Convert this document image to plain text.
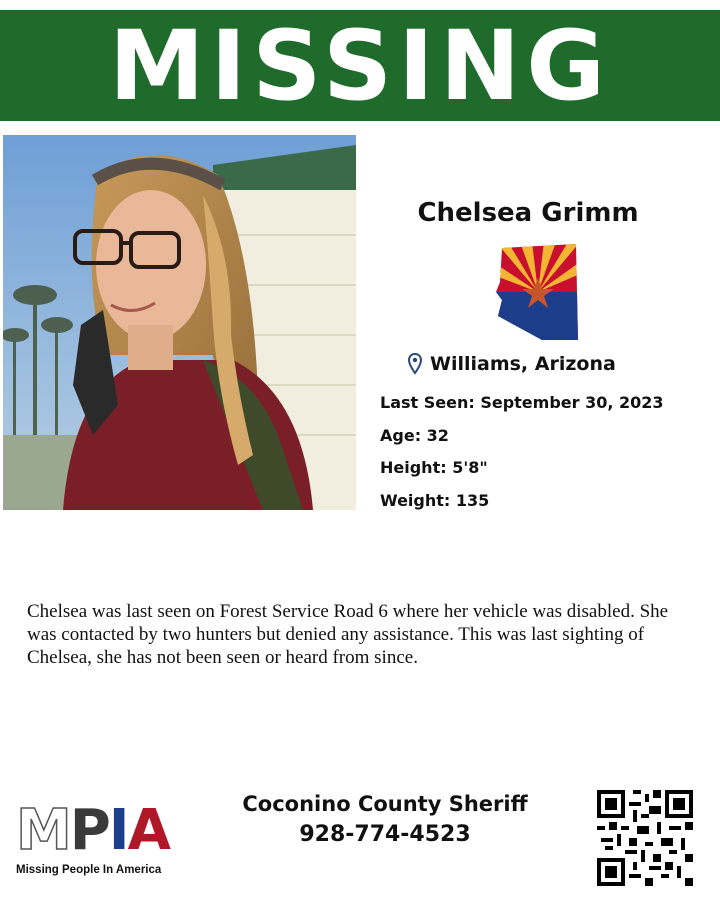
MISSING
Chelsea Grimm
Williams, Arizona
Last Seen: September 30, 2023
Age: 32
Height: 5'8"
Weight: 135
Chelsea was last seen on Forest Service Road 6 where her vehicle was disabled. She was contacted by two hunters but denied any assistance. This was last sighting of Chelsea, she has not been seen or heard from since.
MPIA
Missing People In America
Coconino County Sheriff
928-774-4523
